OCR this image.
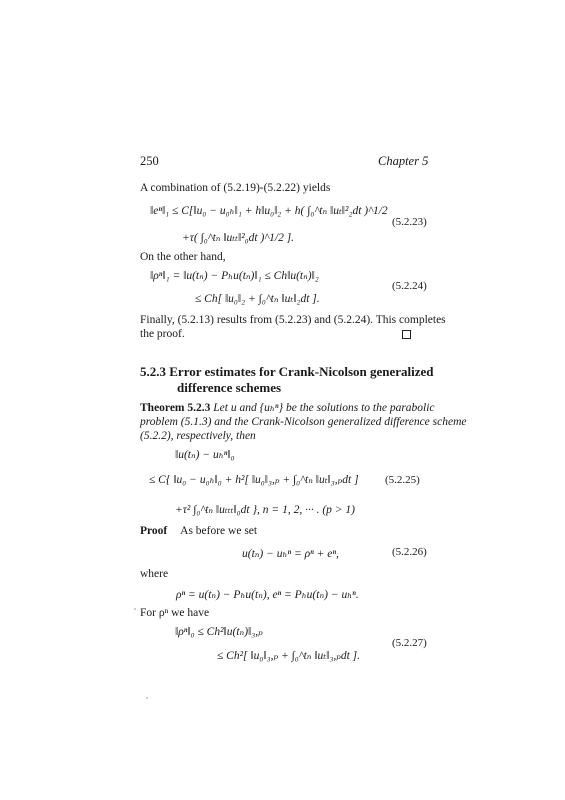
250	Chapter 5
A combination of (5.2.19)-(5.2.22) yields
‖eⁿ‖₁ ≤ C[‖u₀ − u₀ₕ‖₁ + h‖u₀‖₂ + h( ∫₀^tₙ ‖uₜ‖²₂dt )^1/2
+τ( ∫₀^tₙ ‖uₜₜ‖²₀dt )^1/2 ].
(5.2.23)
On the other hand,
‖ρⁿ‖₁ = ‖u(tₙ) − Pₕu(tₙ)‖₁ ≤ Ch‖u(tₙ)‖₂
≤ Ch[ ‖u₀‖₂ + ∫₀^tₙ ‖uₜ‖₂dt ].
(5.2.24)
Finally, (5.2.13) results from (5.2.23) and (5.2.24). This completes
the proof.
5.2.3 Error estimates for Crank-Nicolson generalized
difference schemes
Theorem 5.2.3 Let u and {uₕⁿ} be the solutions to the parabolic
problem (5.1.3) and the Crank-Nicolson generalized difference scheme
(5.2.2), respectively, then
‖u(tₙ) − uₕⁿ‖₀
≤ C{ ‖u₀ − u₀ₕ‖₀ + h²[ ‖u₀‖₃,ₚ + ∫₀^tₙ ‖uₜ‖₃,ₚdt ]
+τ² ∫₀^tₙ ‖uₜₜₜ‖₀dt }, n = 1, 2, ··· . (p > 1)
(5.2.25)
Proof As before we set
u(tₙ) − uₕⁿ = ρⁿ + eⁿ,	(5.2.26)
where
ρⁿ = u(tₙ) − Pₕu(tₙ), eⁿ = Pₕu(tₙ) − uₕⁿ.
For ρⁿ we have
‖ρⁿ‖₀ ≤ Ch²‖u(tₙ)‖₃,ₚ
≤ Ch²[ ‖u₀‖₃,ₚ + ∫₀^tₙ ‖uₜ‖₃,ₚdt ].
(5.2.27)
